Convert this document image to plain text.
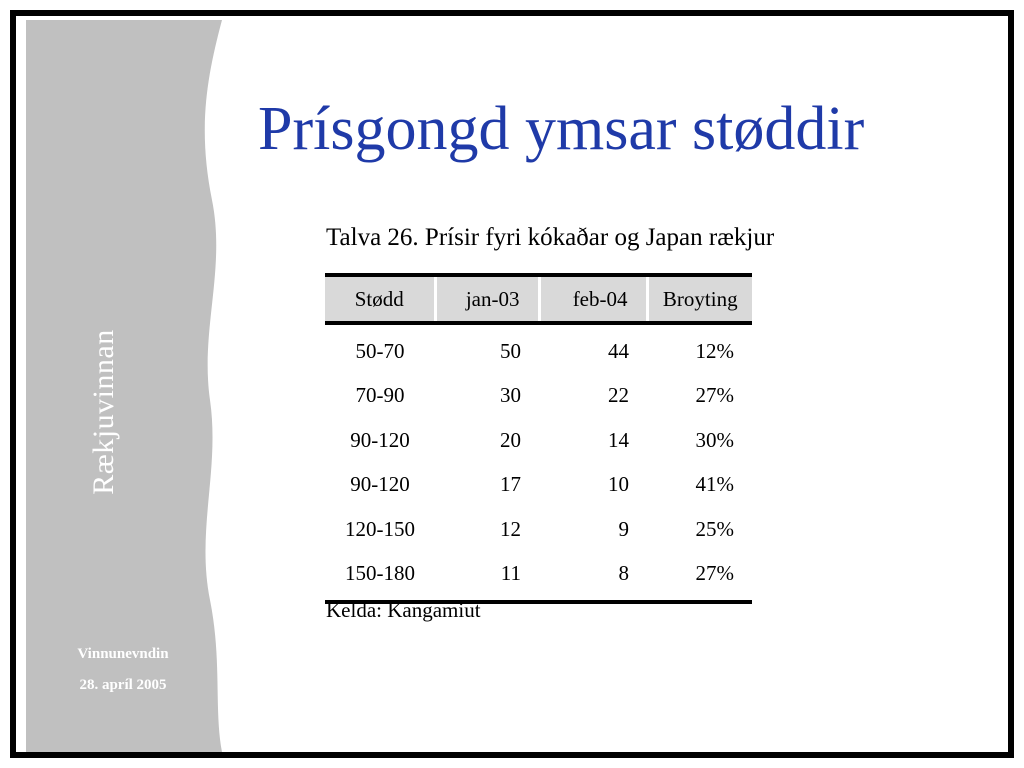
Rækjuvinnan
Vinnunevndin
28. apríl 2005
Prísgongd ymsar støddir
Talva 26. Prísir fyri kókaðar og Japan rækjur
Stødd	jan-03	feb-04	Broyting
50-70	50	44	12%
70-90	30	22	27%
90-120	20	14	30%
90-120	17	10	41%
120-150	12	9	25%
150-180	11	8	27%
Kelda: Kangamiut
